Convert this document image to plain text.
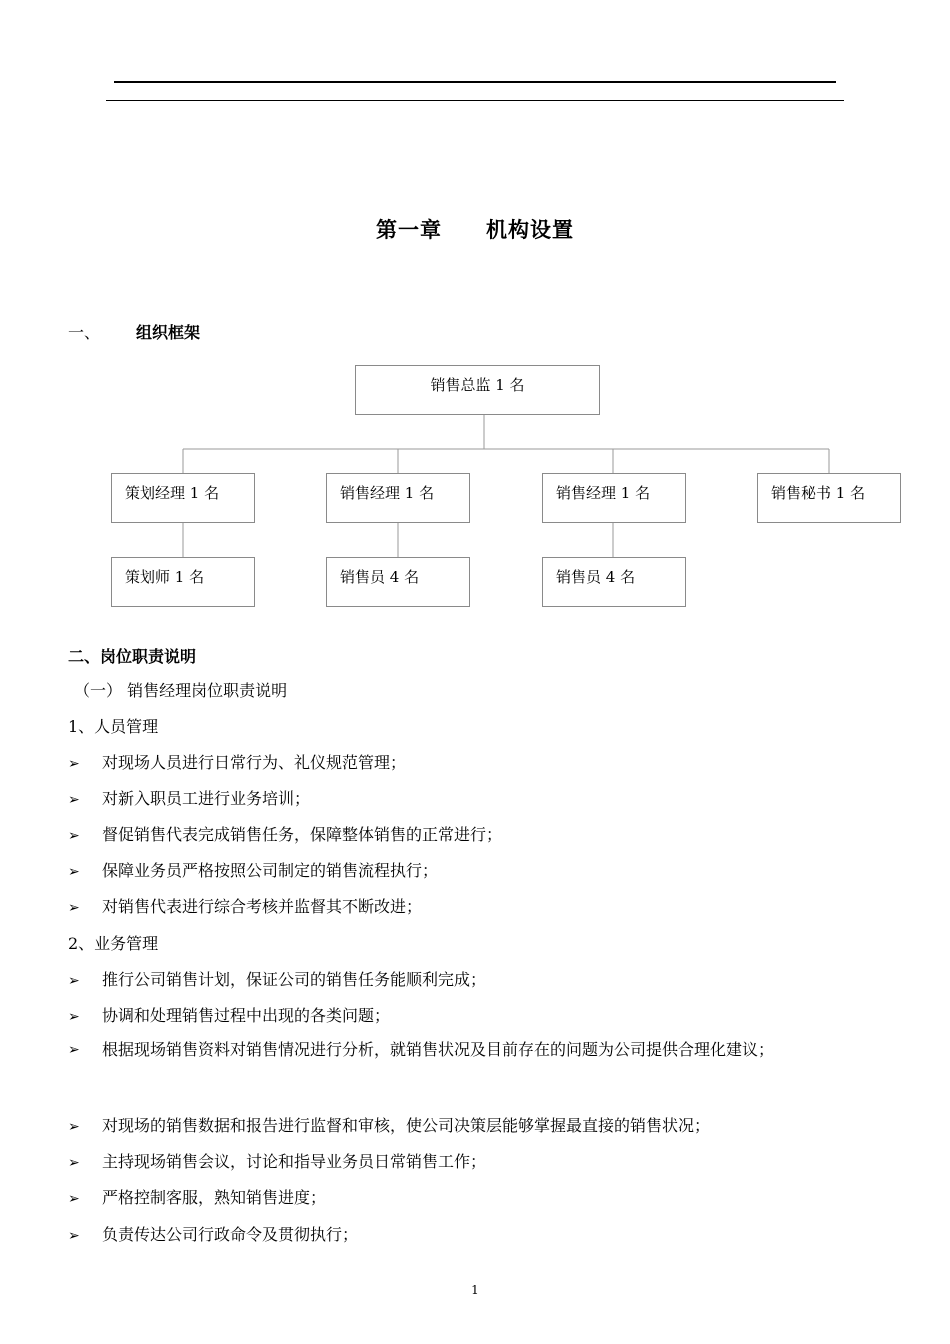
第一章 机构设置
一、 组织框架
销售总监 1 名
策划经理 1 名	销售经理 1 名	销售经理 1 名	销售秘书 1 名
策划师 1 名	销售员 4 名	销售员 4 名
二、岗位职责说明
（一） 销售经理岗位职责说明
1、人员管理
➢ 对现场人员进行日常行为、礼仪规范管理；
➢ 对新入职员工进行业务培训；
➢ 督促销售代表完成销售任务，保障整体销售的正常进行；
➢ 保障业务员严格按照公司制定的销售流程执行；
➢ 对销售代表进行综合考核并监督其不断改进；
2、业务管理
➢ 推行公司销售计划，保证公司的销售任务能顺利完成；
➢ 协调和处理销售过程中出现的各类问题；
➢	根据现场销售资料对销售情况进行分析，就销售状况及目前存在的问题为公司提供合理化建议；
➢ 对现场的销售数据和报告进行监督和审核，使公司决策层能够掌握最直接的销售状况；
➢ 主持现场销售会议，讨论和指导业务员日常销售工作；
➢ 严格控制客服，熟知销售进度；
➢ 负责传达公司行政命令及贯彻执行；
1
